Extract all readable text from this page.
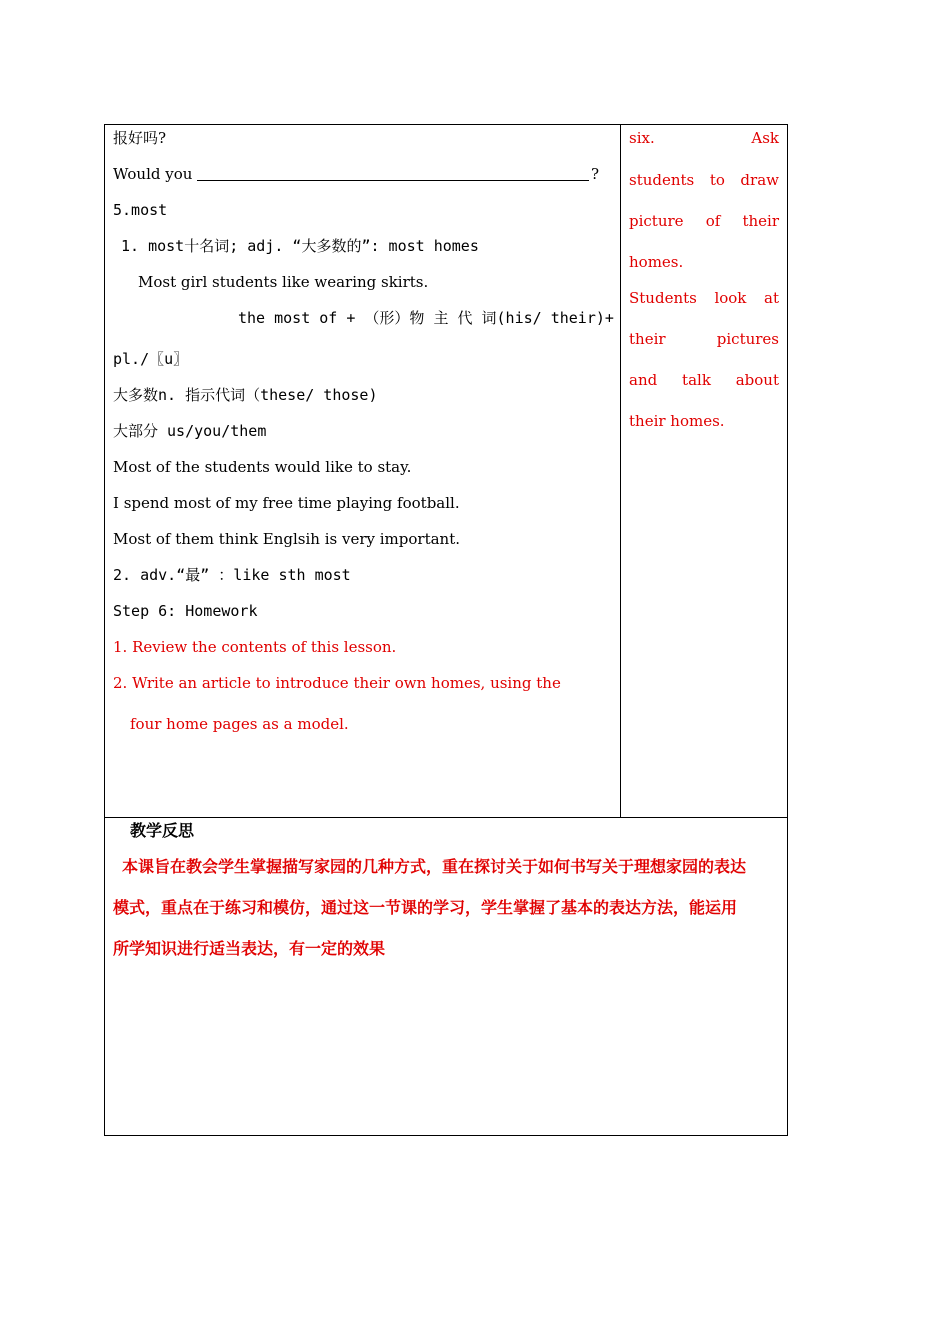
报好吗?
Would you	?
5.most
1. most十名词; adj. “大多数的”: most homes
Most girl students like wearing skirts.
the most of + （形）物 主 代 词(his/ their)+
pl./〖u〗
大多数n. 指示代词（these/ those)
大部分 us/you/them
Most of the students would like to stay.
I spend most of my free time playing football.
Most of them think Englsih is very important.
2. adv.“最” ：like sth most
Step 6: Homework
1. Review the contents of this lesson.
2. Write an article to introduce their own homes, using the
four home pages as a model.
six.	Ask
students to draw
picture of their
homes.
Students look at
their	pictures
and talk about
their homes.
教学反思
本课旨在教会学生掌握描写家园的几种方式，重在探讨关于如何书写关于理想家园的表达
模式，重点在于练习和模仿，通过这一节课的学习，学生掌握了基本的表达方法，能运用
所学知识进行适当表达，有一定的效果
